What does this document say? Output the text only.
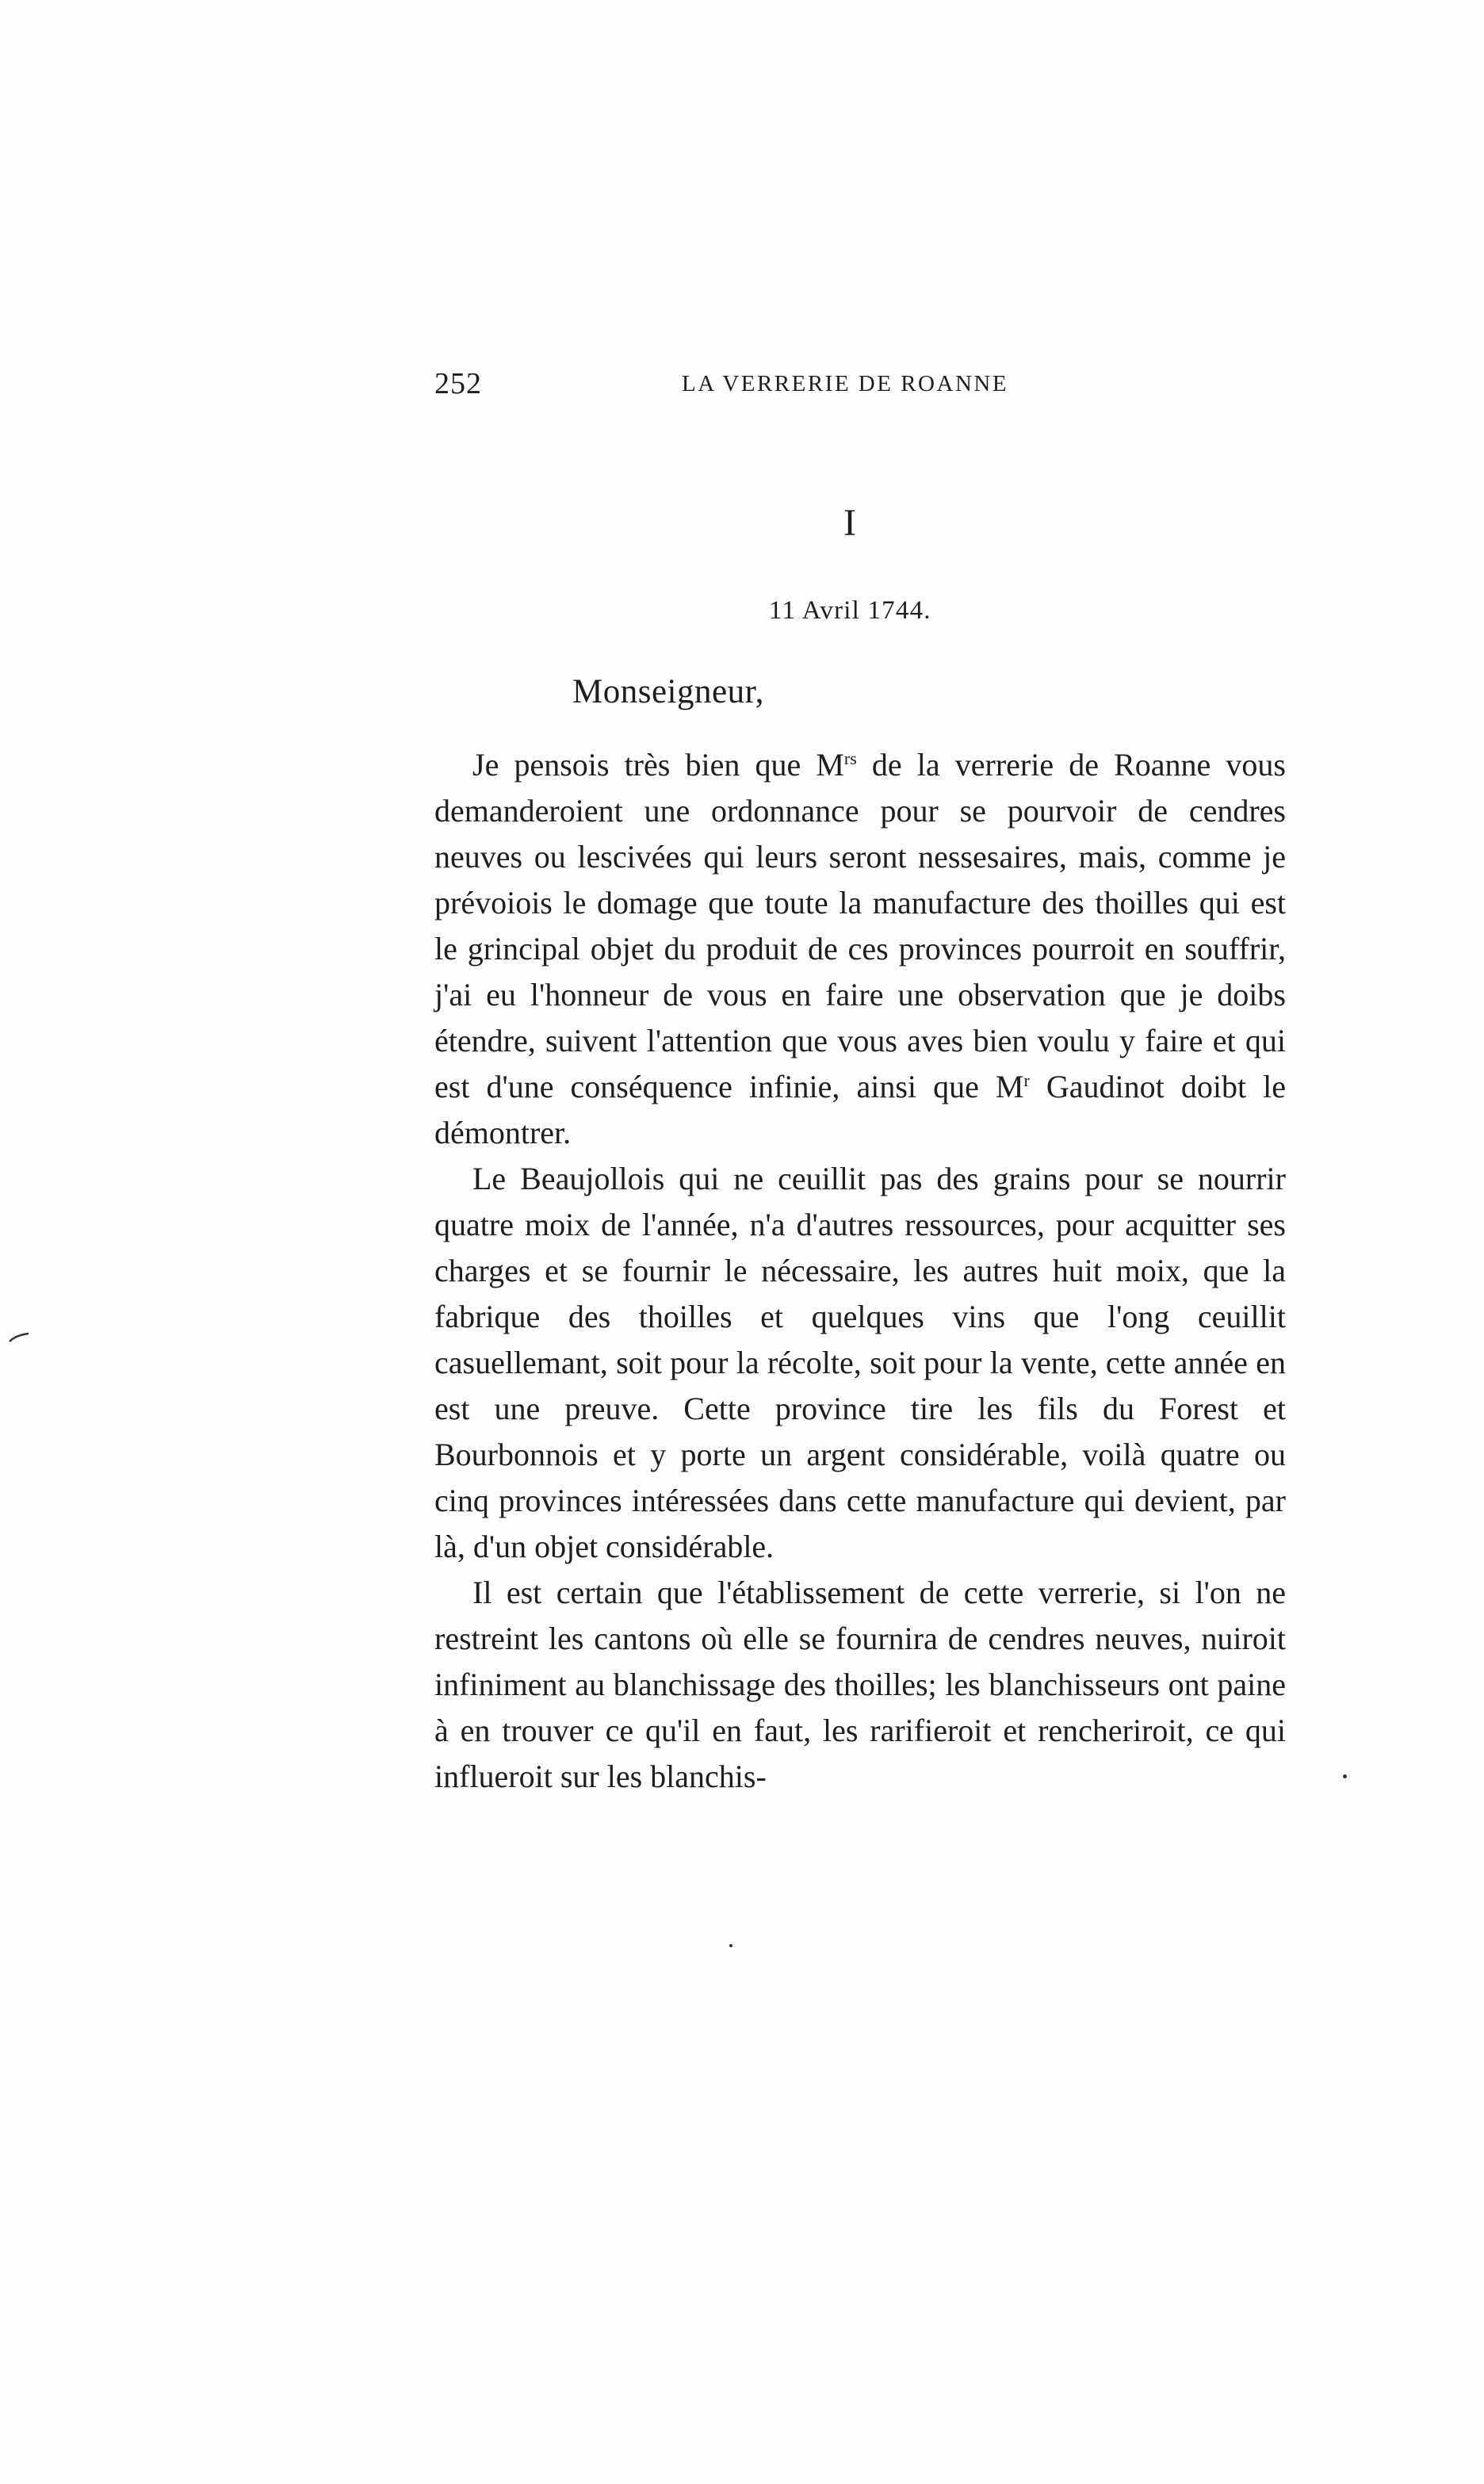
252	LA VERRERIE DE ROANNE
I
11 Avril 1744.
Monseigneur,

Je pensois très bien que $M^{rs}$ de la verrerie de Roanne vous demanderoient une ordonnance pour se pourvoir de cendres neuves ou lescivées qui leurs seront nessesaires, mais, comme je prévoiois le domage que toute la manufacture des thoilles qui est le grincipal objet du produit de ces provinces pourroit en souffrir, j'ai eu l'honneur de vous en faire une observation que je doibs étendre, suivent l'attention que vous aves bien voulu y faire et qui est d'une conséquence infinie, ainsi que $M^r$ Gaudinot doibt le démontrer.

Le Beaujollois qui ne ceuillit pas des grains pour se nourrir quatre moix de l'année, n'a d'autres ressources, pour acquitter ses charges et se fournir le nécessaire, les autres huit moix, que la fabrique des thoilles et quelques vins que l'ong ceuillit casuellemant, soit pour la récolte, soit pour la vente, cette année en est une preuve. Cette province tire les fils du Forest et Bourbonnois et y porte un argent considérable, voilà quatre ou cinq provinces intéressées dans cette manufacture qui devient, par là, d'un objet considérable.

Il est certain que l'établissement de cette verrerie, si l'on ne restreint les cantons où elle se fournira de cendres neuves, nuiroit infiniment au blanchissage des thoilles; les blanchisseurs ont paine à en trouver ce qu'il en faut, les rarifieroit et rencheriroit, ce qui influeroit sur les blanchis-
